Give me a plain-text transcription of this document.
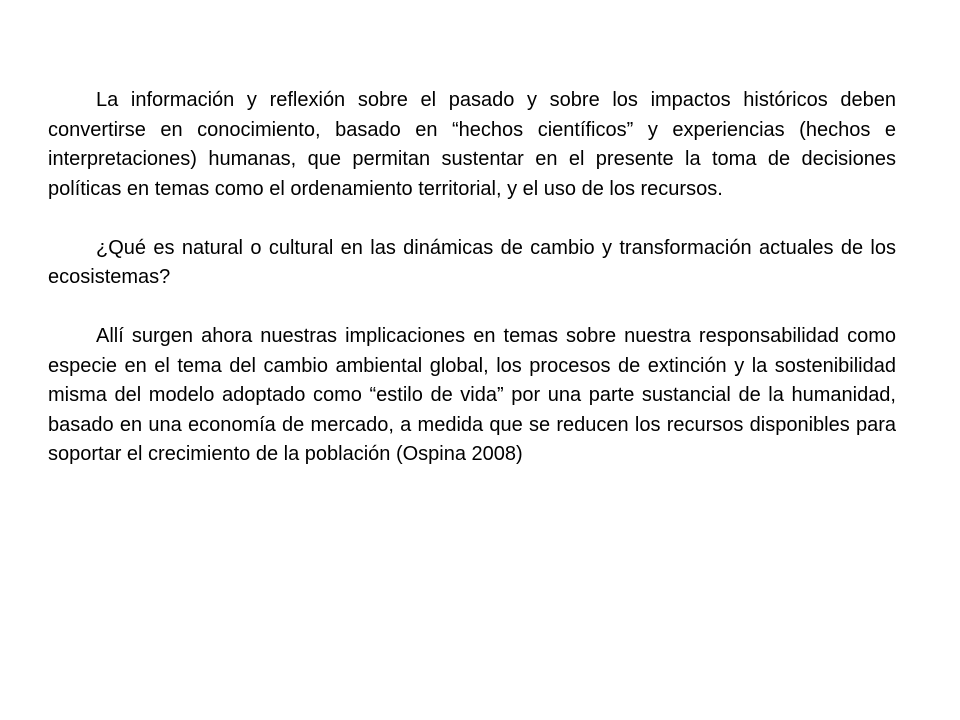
La información y reflexión sobre el pasado y sobre los impactos históricos deben convertirse en conocimiento, basado en “hechos científicos” y experiencias (hechos e interpretaciones) humanas, que permitan sustentar en el presente la toma de decisiones políticas en temas como el ordenamiento territorial, y el uso de los recursos.

¿Qué es natural o cultural en las dinámicas de cambio y transformación actuales de los ecosistemas?

Allí surgen ahora nuestras implicaciones en temas sobre nuestra responsabilidad como especie en el tema del cambio ambiental global, los procesos de extinción y la sostenibilidad misma del modelo adoptado como “estilo de vida” por una parte sustancial de la humanidad, basado en una economía de mercado, a medida que se reducen los recursos disponibles para soportar el crecimiento de la población (Ospina 2008)
